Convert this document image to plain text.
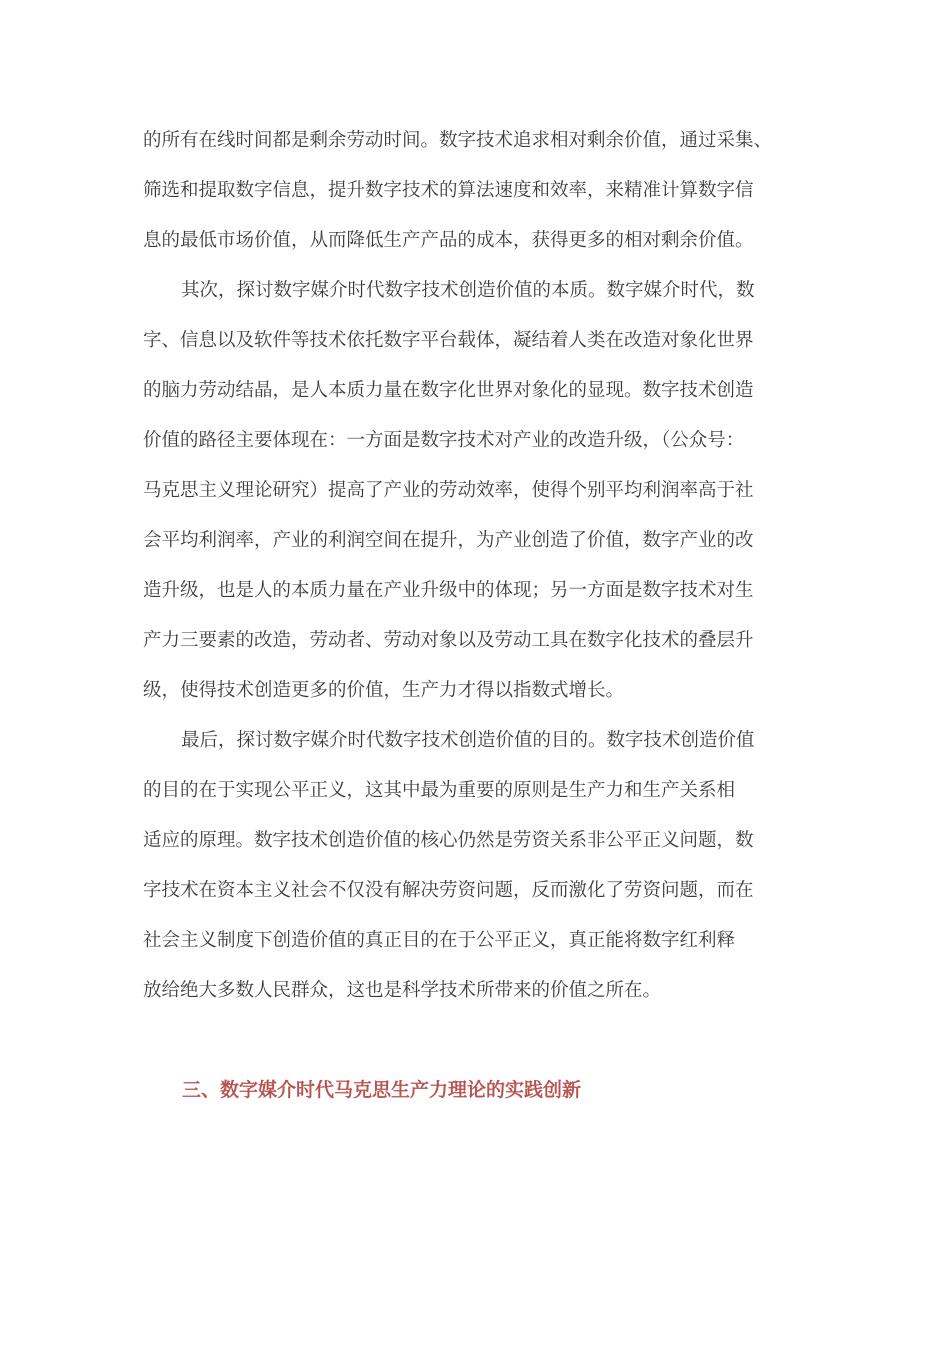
的所有在线时间都是剩余劳动时间。数字技术追求相对剩余价值，通过采集、
筛选和提取数字信息，提升数字技术的算法速度和效率，来精准计算数字信
息的最低市场价值，从而降低生产产品的成本，获得更多的相对剩余价值。
其次，探讨数字媒介时代数字技术创造价值的本质。数字媒介时代，数
字、信息以及软件等技术依托数字平台载体，凝结着人类在改造对象化世界
的脑力劳动结晶，是人本质力量在数字化世界对象化的显现。数字技术创造
价值的路径主要体现在：一方面是数字技术对产业的改造升级，（公众号：
马克思主义理论研究）提高了产业的劳动效率，使得个别平均利润率高于社
会平均利润率，产业的利润空间在提升，为产业创造了价值，数字产业的改
造升级，也是人的本质力量在产业升级中的体现；另一方面是数字技术对生
产力三要素的改造，劳动者、劳动对象以及劳动工具在数字化技术的叠层升
级，使得技术创造更多的价值，生产力才得以指数式增长。
最后，探讨数字媒介时代数字技术创造价值的目的。数字技术创造价值
的目的在于实现公平正义，这其中最为重要的原则是生产力和生产关系相
适应的原理。数字技术创造价值的核心仍然是劳资关系非公平正义问题，数
字技术在资本主义社会不仅没有解决劳资问题，反而激化了劳资问题，而在
社会主义制度下创造价值的真正目的在于公平正义，真正能将数字红利释
放给绝大多数人民群众，这也是科学技术所带来的价值之所在。
三、数字媒介时代马克思生产力理论的实践创新
